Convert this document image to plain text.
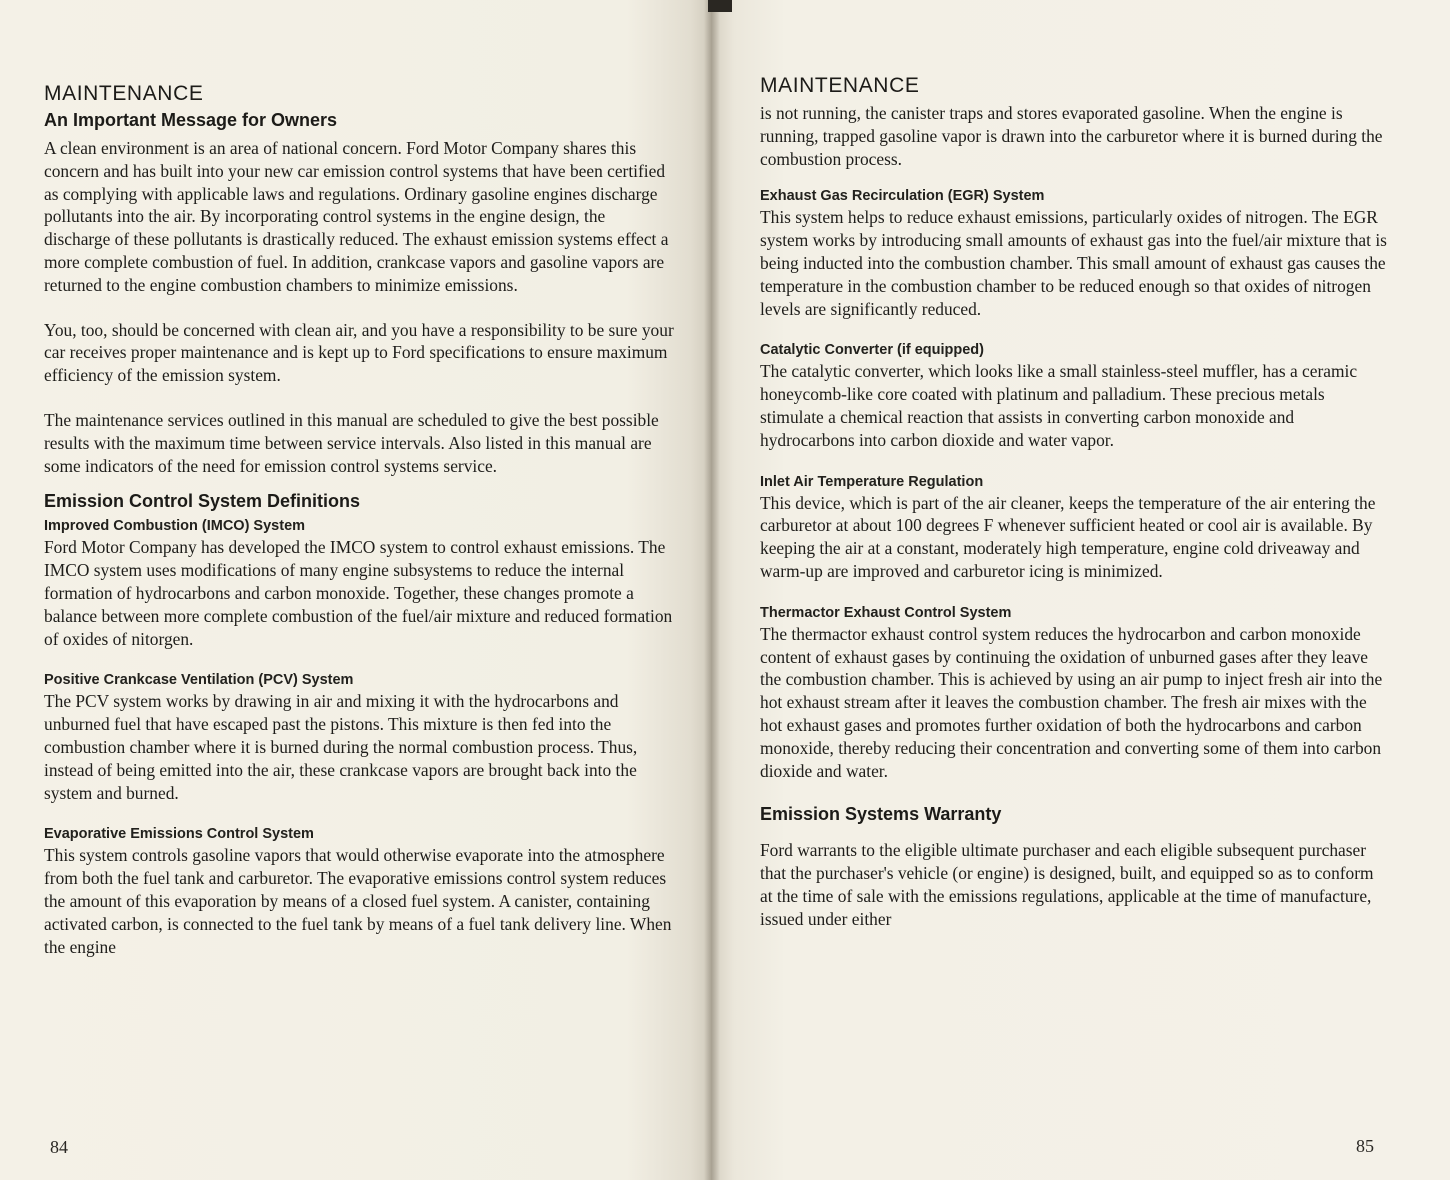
MAINTENANCE
An Important Message for Owners

A clean environment is an area of national concern. Ford Motor Company shares this concern and has built into your new car emission control systems that have been certified as complying with applicable laws and regulations. Ordinary gasoline engines discharge pollutants into the air. By incorporating control systems in the engine design, the discharge of these pollutants is drastically reduced. The exhaust emission systems effect a more complete combustion of fuel. In addition, crankcase vapors and gasoline vapors are returned to the engine combustion chambers to minimize emissions.

You, too, should be concerned with clean air, and you have a responsibility to be sure your car receives proper maintenance and is kept up to Ford specifications to ensure maximum efficiency of the emission system.

The maintenance services outlined in this manual are scheduled to give the best possible results with the maximum time between service intervals. Also listed in this manual are some indicators of the need for emission control systems service.

Emission Control System Definitions
Improved Combustion (IMCO) System

Ford Motor Company has developed the IMCO system to control exhaust emissions. The IMCO system uses modifications of many engine subsystems to reduce the internal formation of hydrocarbons and carbon monoxide. Together, these changes promote a balance between more complete combustion of the fuel/air mixture and reduced formation of oxides of nitorgen.

Positive Crankcase Ventilation (PCV) System

The PCV system works by drawing in air and mixing it with the hydrocarbons and unburned fuel that have escaped past the pistons. This mixture is then fed into the combustion chamber where it is burned during the normal combustion process. Thus, instead of being emitted into the air, these crankcase vapors are brought back into the system and burned.

Evaporative Emissions Control System

This system controls gasoline vapors that would otherwise evaporate into the atmosphere from both the fuel tank and carburetor. The evaporative emissions control system reduces the amount of this evaporation by means of a closed fuel system. A canister, containing activated carbon, is connected to the fuel tank by means of a fuel tank delivery line. When the engine

84
MAINTENANCE

is not running, the canister traps and stores evaporated gasoline. When the engine is running, trapped gasoline vapor is drawn into the carburetor where it is burned during the combustion process.

Exhaust Gas Recirculation (EGR) System

This system helps to reduce exhaust emissions, particularly oxides of nitrogen. The EGR system works by introducing small amounts of exhaust gas into the fuel/air mixture that is being inducted into the combustion chamber. This small amount of exhaust gas causes the temperature in the combustion chamber to be reduced enough so that oxides of nitrogen levels are significantly reduced.

Catalytic Converter (if equipped)

The catalytic converter, which looks like a small stainless-steel muffler, has a ceramic honeycomb-like core coated with platinum and palladium. These precious metals stimulate a chemical reaction that assists in converting carbon monoxide and hydrocarbons into carbon dioxide and water vapor.

Inlet Air Temperature Regulation

This device, which is part of the air cleaner, keeps the temperature of the air entering the carburetor at about 100 degrees F whenever sufficient heated or cool air is available. By keeping the air at a constant, moderately high temperature, engine cold driveaway and warm-up are improved and carburetor icing is minimized.

Thermactor Exhaust Control System

The thermactor exhaust control system reduces the hydrocarbon and carbon monoxide content of exhaust gases by continuing the oxidation of unburned gases after they leave the combustion chamber. This is achieved by using an air pump to inject fresh air into the hot exhaust stream after it leaves the combustion chamber. The fresh air mixes with the hot exhaust gases and promotes further oxidation of both the hydrocarbons and carbon monoxide, thereby reducing their concentration and converting some of them into carbon dioxide and water.

Emission Systems Warranty

Ford warrants to the eligible ultimate purchaser and each eligible subsequent purchaser that the purchaser's vehicle (or engine) is designed, built, and equipped so as to conform at the time of sale with the emissions regulations, applicable at the time of manufacture, issued under either

85
